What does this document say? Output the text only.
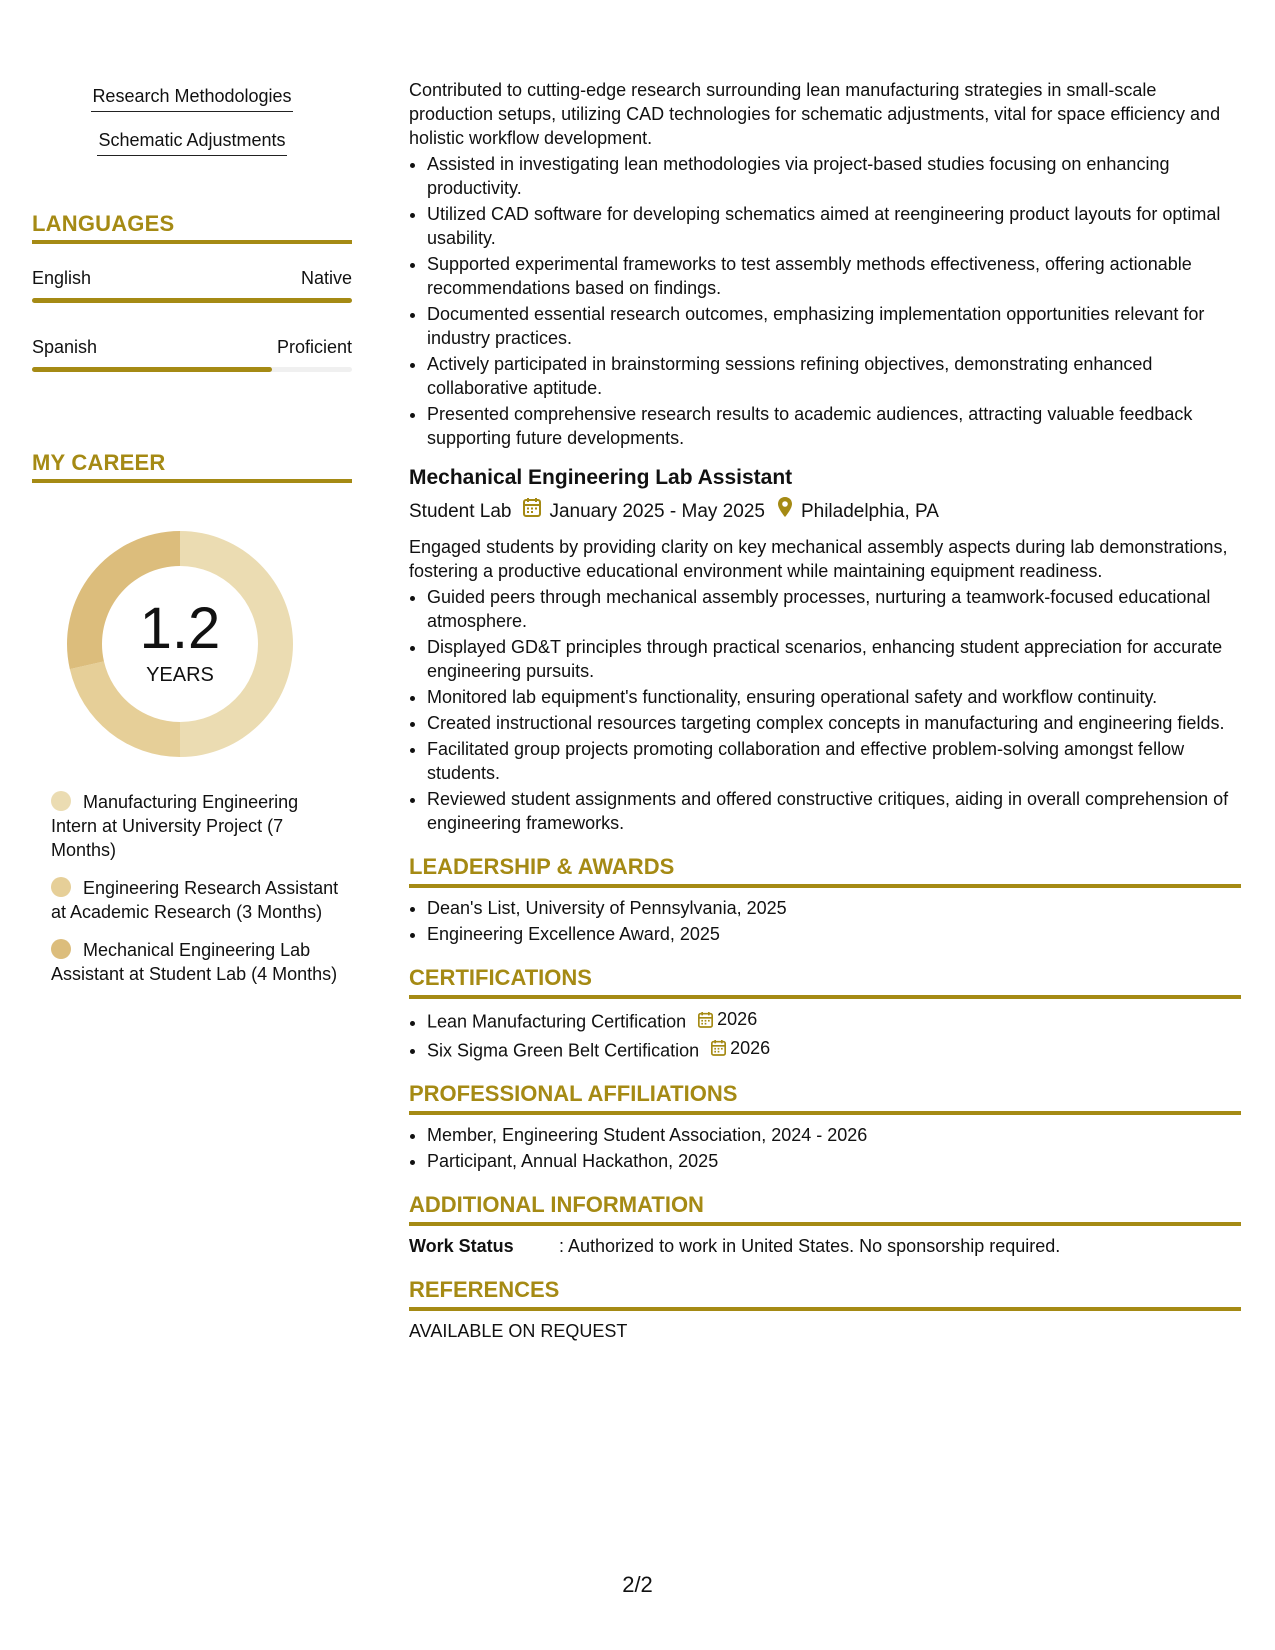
Research Methodologies
Schematic Adjustments
LANGUAGES
English	Native
Spanish	Proficient
MY CAREER
1.2
YEARS
Manufacturing Engineering Intern at University Project (7 Months)
Engineering Research Assistant at Academic Research (3 Months)
Mechanical Engineering Lab Assistant at Student Lab (4 Months)

Contributed to cutting-edge research surrounding lean manufacturing strategies in small-scale production setups, utilizing CAD technologies for schematic adjustments, vital for space efficiency and holistic workflow development.

• Assisted in investigating lean methodologies via project-based studies focusing on enhancing productivity.
• Utilized CAD software for developing schematics aimed at reengineering product layouts for optimal usability.
• Supported experimental frameworks to test assembly methods effectiveness, offering actionable recommendations based on findings.
• Documented essential research outcomes, emphasizing implementation opportunities relevant for industry practices.
• Actively participated in brainstorming sessions refining objectives, demonstrating enhanced collaborative aptitude.
• Presented comprehensive research results to academic audiences, attracting valuable feedback supporting future developments.
Mechanical Engineering Lab Assistant
Student Lab January 2025 - May 2025 Philadelphia, PA

Engaged students by providing clarity on key mechanical assembly aspects during lab demonstrations, fostering a productive educational environment while maintaining equipment readiness.

• Guided peers through mechanical assembly processes, nurturing a teamwork-focused educational atmosphere.
• Displayed GD&T principles through practical scenarios, enhancing student appreciation for accurate engineering pursuits.
• Monitored lab equipment's functionality, ensuring operational safety and workflow continuity.
• Created instructional resources targeting complex concepts in manufacturing and engineering fields.
• Facilitated group projects promoting collaboration and effective problem-solving amongst fellow students.
• Reviewed student assignments and offered constructive critiques, aiding in overall comprehension of engineering frameworks.
LEADERSHIP & AWARDS
• Dean's List, University of Pennsylvania, 2025
• Engineering Excellence Award, 2025
CERTIFICATIONS
• Lean Manufacturing Certification 2026
• Six Sigma Green Belt Certification 2026
PROFESSIONAL AFFILIATIONS
• Member, Engineering Student Association, 2024 - 2026
• Participant, Annual Hackathon, 2025
ADDITIONAL INFORMATION
Work Status	: Authorized to work in United States. No sponsorship required.
REFERENCES

AVAILABLE ON REQUEST

2/2
